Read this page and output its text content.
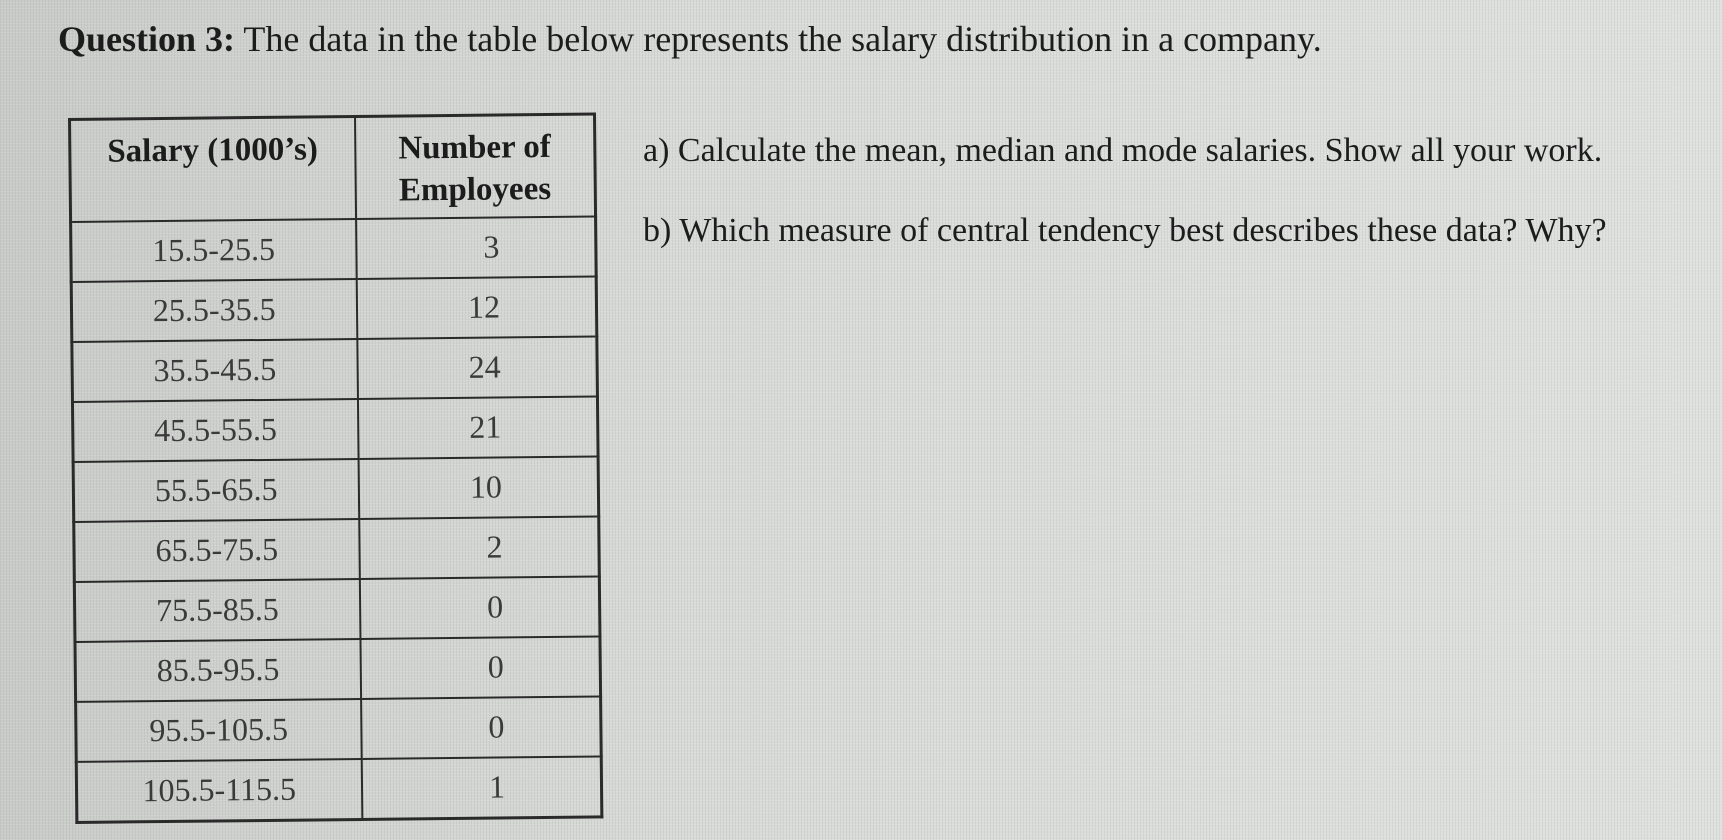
Question 3: The data in the table below represents the salary distribution in a company.
Salary (1000’s)	Number of Employees
15.5-25.5	3
25.5-35.5	12
35.5-45.5	24
45.5-55.5	21
55.5-65.5	10
65.5-75.5	2
75.5-85.5	0
85.5-95.5	0
95.5-105.5	0
105.5-115.5	1

a) Calculate the mean, median and mode salaries. Show all your work.

b) Which measure of central tendency best describes these data? Why?
